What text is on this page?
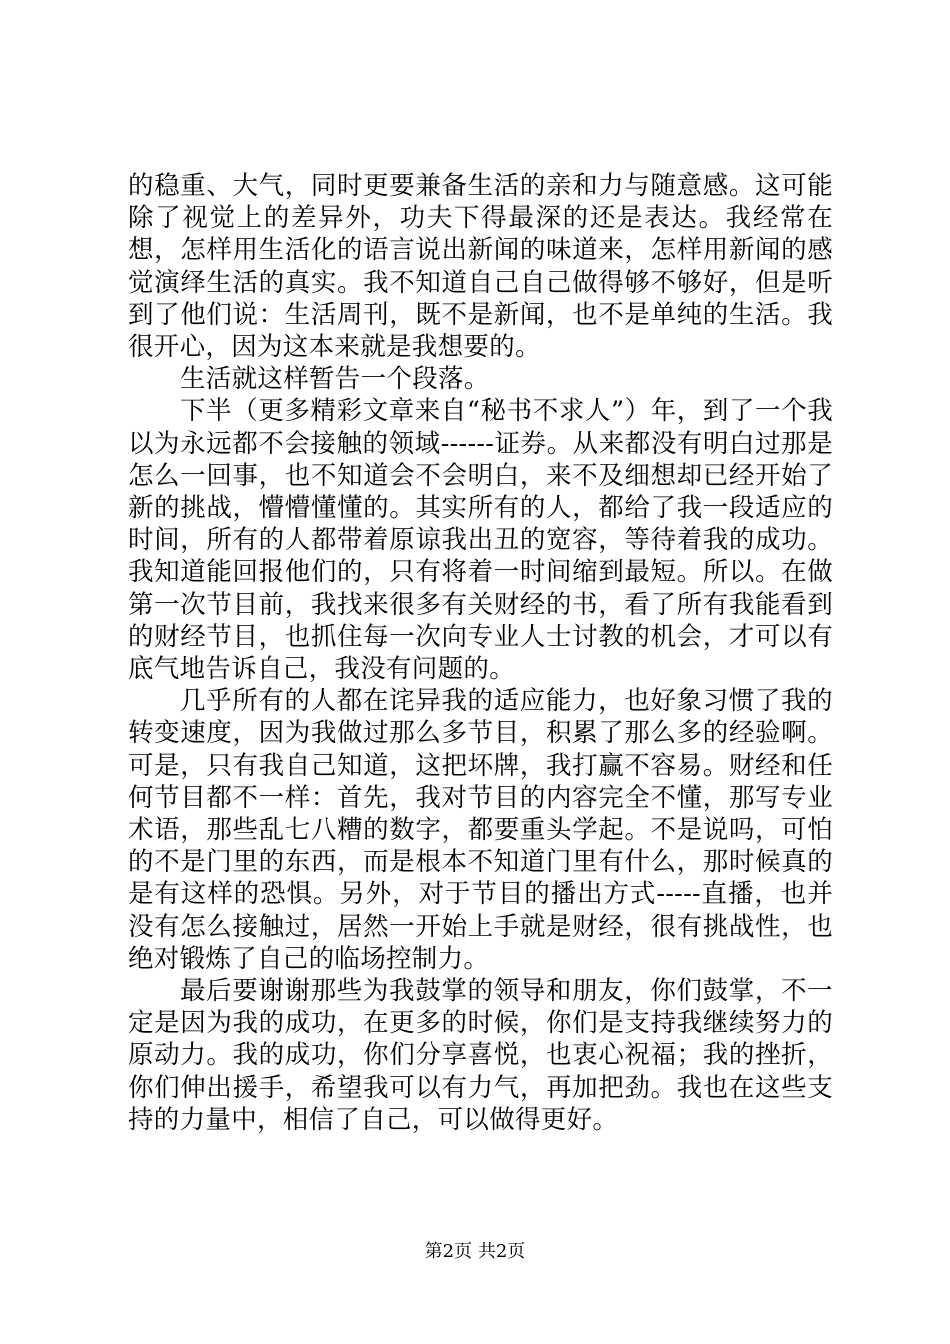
的稳重、大气，同时更要兼备生活的亲和力与随意感。这可能除了视觉上的差异外，功夫下得最深的还是表达。我经常在想，怎样用生活化的语言说出新闻的味道来，怎样用新闻的感觉演绎生活的真实。我不知道自己自己做得够不够好，但是听到了他们说：生活周刊，既不是新闻，也不是单纯的生活。我很开心，因为这本来就是我想要的。

生活就这样暂告一个段落。

下半（更多精彩文章来自“秘书不求人”）年，到了一个我以为永远都不会接触的领域------证券。从来都没有明白过那是怎么一回事，也不知道会不会明白，来不及细想却已经开始了新的挑战，懵懵懂懂的。其实所有的人，都给了我一段适应的时间，所有的人都带着原谅我出丑的宽容，等待着我的成功。我知道能回报他们的，只有将着一时间缩到最短。所以。在做第一次节目前，我找来很多有关财经的书，看了所有我能看到的财经节目，也抓住每一次向专业人士讨教的机会，才可以有底气地告诉自己，我没有问题的。

几乎所有的人都在诧异我的适应能力，也好象习惯了我的转变速度，因为我做过那么多节目，积累了那么多的经验啊。可是，只有我自己知道，这把坏牌，我打赢不容易。财经和任何节目都不一样：首先，我对节目的内容完全不懂，那写专业术语，那些乱七八糟的数字，都要重头学起。不是说吗，可怕的不是门里的东西，而是根本不知道门里有什么，那时候真的是有这样的恐惧。另外，对于节目的播出方式-----直播，也并没有怎么接触过，居然一开始上手就是财经，很有挑战性，也绝对锻炼了自己的临场控制力。

最后要谢谢那些为我鼓掌的领导和朋友，你们鼓掌，不一定是因为我的成功，在更多的时候，你们是支持我继续努力的原动力。我的成功，你们分享喜悦，也衷心祝福；我的挫折，你们伸出援手，希望我可以有力气，再加把劲。我也在这些支持的力量中，相信了自己，可以做得更好。

第2页 共2页
